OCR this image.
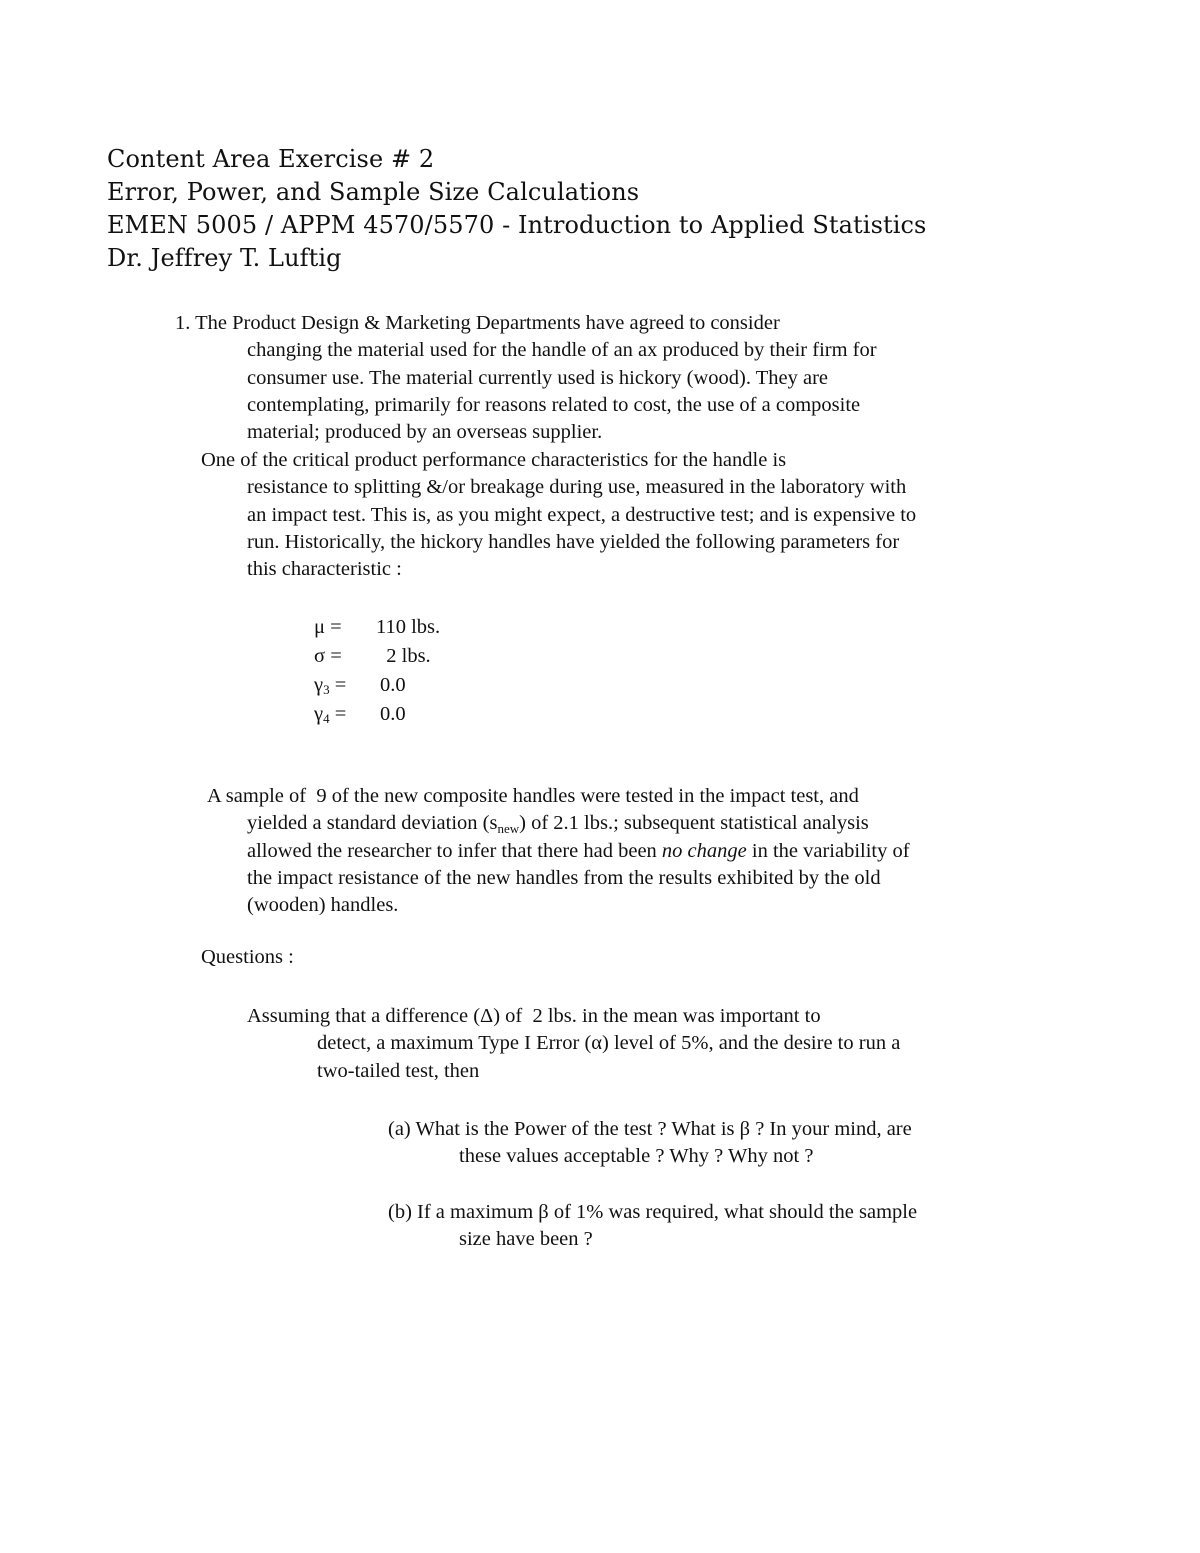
Content Area Exercise # 2
Error, Power, and Sample Size Calculations
EMEN 5005 / APPM 4570/5570 - Introduction to Applied Statistics
Dr. Jeffrey T. Luftig
1. The Product Design & Marketing Departments have agreed to consider
changing the material used for the handle of an ax produced by their firm for
consumer use. The material currently used is hickory (wood). They are
contemplating, primarily for reasons related to cost, the use of a composite
material; produced by an overseas supplier.
One of the critical product performance characteristics for the handle is
resistance to splitting &/or breakage during use, measured in the laboratory with
an impact test. This is, as you might expect, a destructive test; and is expensive to
run. Historically, the hickory handles have yielded the following parameters for
this characteristic :
μ =	110 lbs.
σ =	2 lbs.
$\gamma_3$ =	0.0
$\gamma_4$ =	0.0
A sample of  9 of the new composite handles were tested in the impact test, and
yielded a standard deviation $(s_{new})$ of 2.1 lbs.; subsequent statistical analysis
allowed the researcher to infer that there had been no change in the variability of
the impact resistance of the new handles from the results exhibited by the old
(wooden) handles.
Questions :
Assuming that a difference (Δ) of  2 lbs. in the mean was important to
detect, a maximum Type I Error (α) level of 5%, and the desire to run a
two-tailed test, then
(a) What is the Power of the test ? What is β ? In your mind, are
these values acceptable ? Why ? Why not ?
(b) If a maximum β of 1% was required, what should the sample
size have been ?
